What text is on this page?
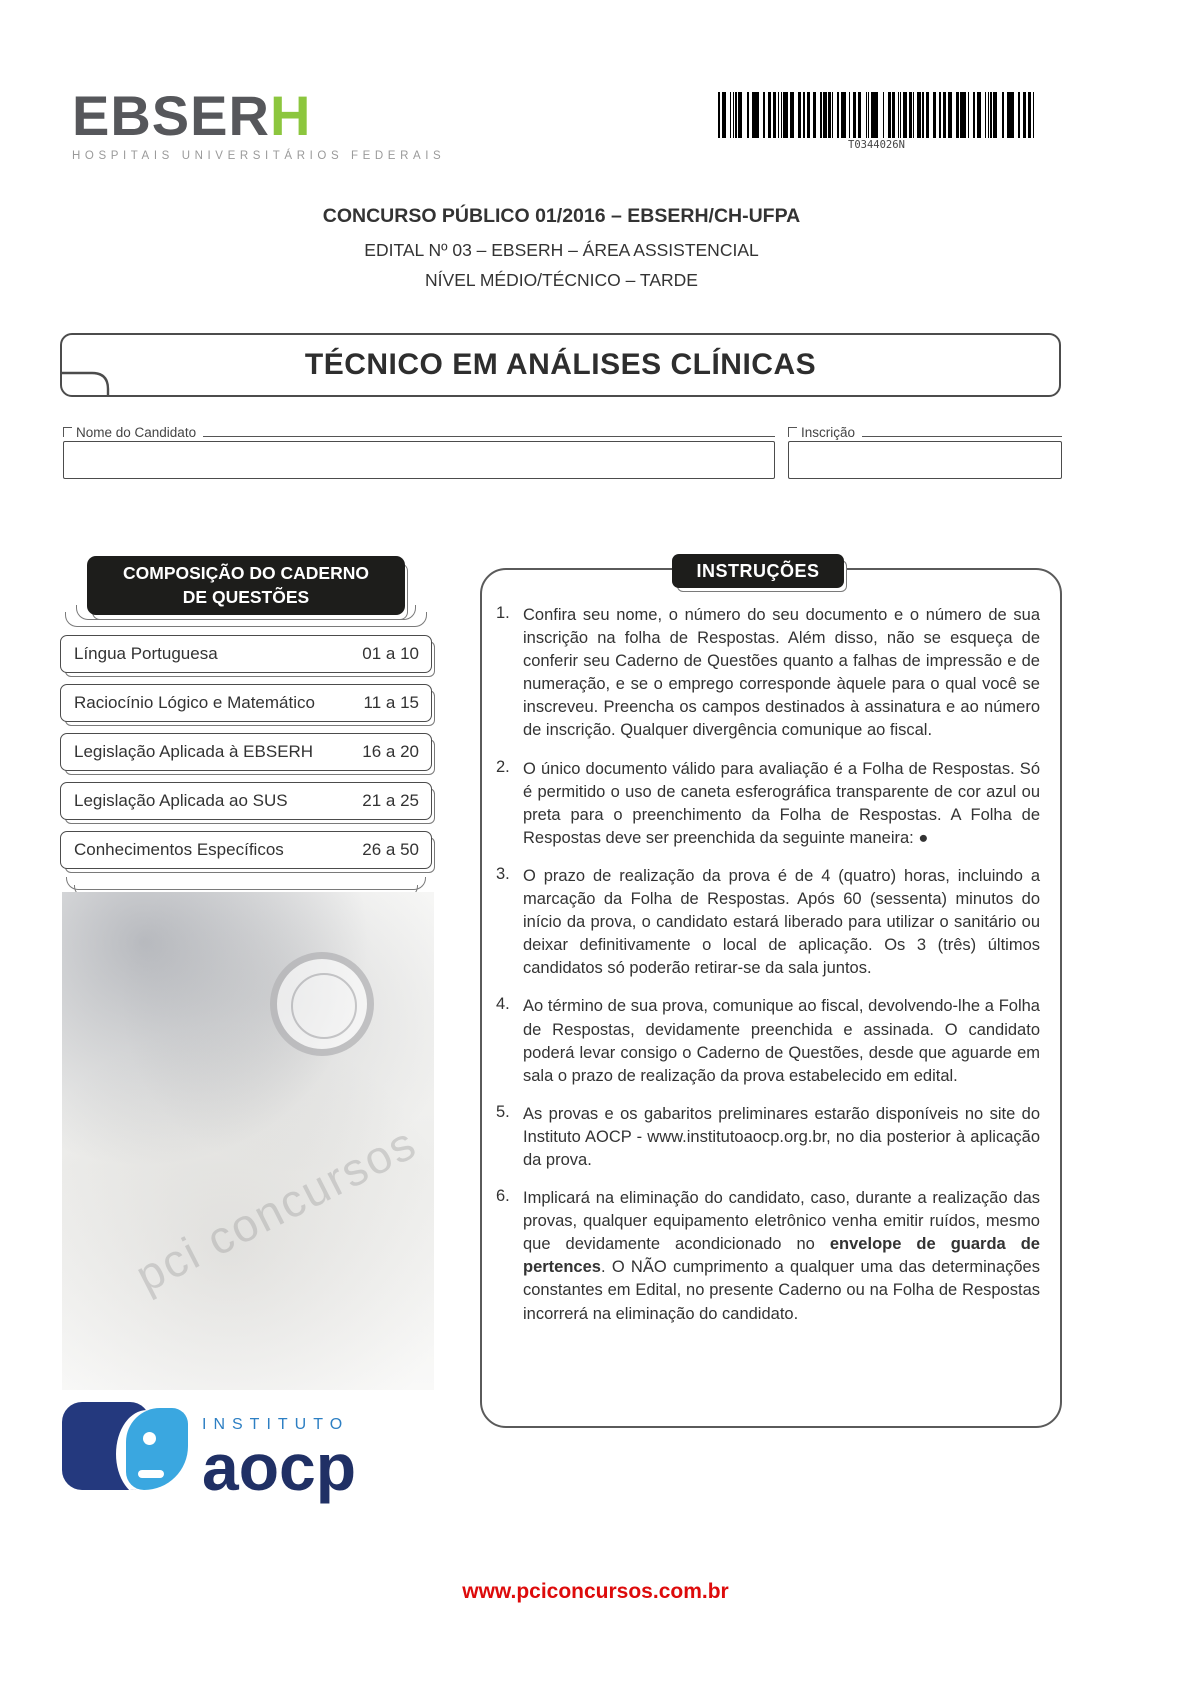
EBSERH
HOSPITAIS UNIVERSITÁRIOS FEDERAIS
T0344026N
CONCURSO PÚBLICO 01/2016 – EBSERH/CH-UFPA
EDITAL Nº 03 – EBSERH – ÁREA ASSISTENCIAL
NÍVEL MÉDIO/TÉCNICO – TARDE
TÉCNICO EM ANÁLISES CLÍNICAS
Nome do Candidato	Inscrição
COMPOSIÇÃO DO CADERNO
DE QUESTÕES
Língua Portuguesa	01 a 10
Raciocínio Lógico e Matemático	11 a 15
Legislação Aplicada à EBSERH	16 a 20
Legislação Aplicada ao SUS	21 a 25
Conhecimentos Específicos	26 a 50
pci concursos
INSTRUÇÕES
1. Confira seu nome, o número do seu documento e o número de sua inscrição na folha de Respostas. Além disso, não se esqueça de conferir seu Caderno de Questões quanto a falhas de impressão e de numeração, e se o emprego corresponde àquele para o qual você se inscreveu. Preencha os campos destinados à assinatura e ao número de inscrição. Qualquer divergência comunique ao fiscal.
2. O único documento válido para avaliação é a Folha de Respostas. Só é permitido o uso de caneta esferográfica transparente de cor azul ou preta para o preenchimento da Folha de Respostas. A Folha de Respostas deve ser preenchida da seguinte maneira: ●
3. O prazo de realização da prova é de 4 (quatro) horas, incluindo a marcação da Folha de Respostas. Após 60 (sessenta) minutos do início da prova, o candidato estará liberado para utilizar o sanitário ou deixar definitivamente o local de aplicação. Os 3 (três) últimos candidatos só poderão retirar-se da sala juntos.
4. Ao término de sua prova, comunique ao fiscal, devolvendo-lhe a Folha de Respostas, devidamente preenchida e assinada. O candidato poderá levar consigo o Caderno de Questões, desde que aguarde em sala o prazo de realização da prova estabelecido em edital.
5. As provas e os gabaritos preliminares estarão disponíveis no site do Instituto AOCP - www.institutoaocp.org.br, no dia posterior à aplicação da prova.
6. Implicará na eliminação do candidato, caso, durante a realização das provas, qualquer equipamento eletrônico venha emitir ruídos, mesmo que devidamente acondicionado no envelope de guarda de pertences. O NÃO cumprimento a qualquer uma das determinações constantes em Edital, no presente Caderno ou na Folha de Respostas incorrerá na eliminação do candidato.
INSTITUTO
aocp
www.pciconcursos.com.br
